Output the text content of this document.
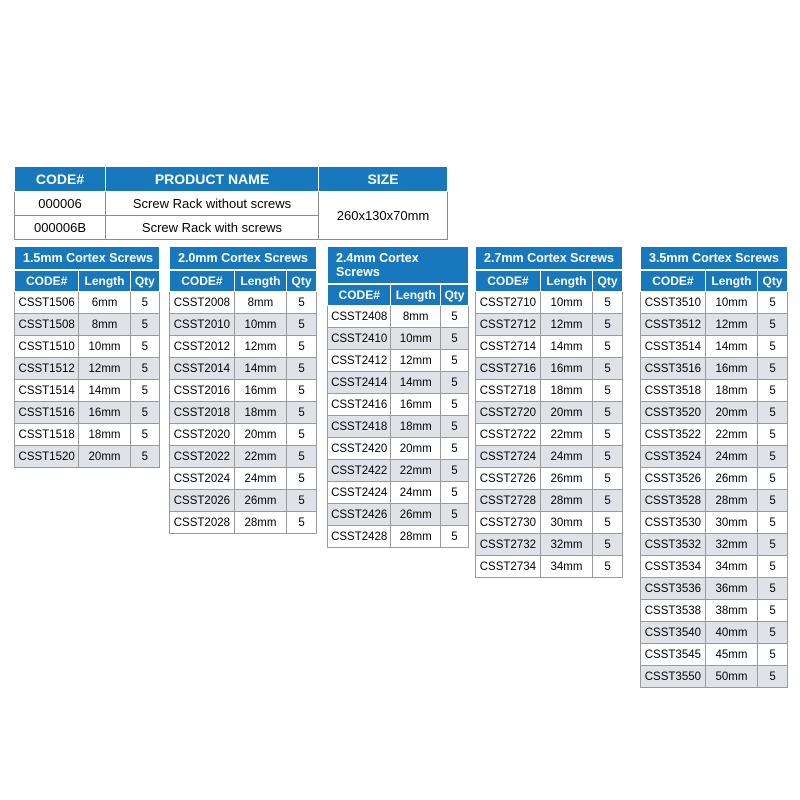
CODE#	PRODUCT NAME	SIZE
000006	Screw Rack without screws	260x130x70mm
000006B	Screw Rack with screws	
1.5mm Cortex Screws
CODE#	Length	Qty
CSST1506	6mm	5
CSST1508	8mm	5
CSST1510	10mm	5
CSST1512	12mm	5
CSST1514	14mm	5
CSST1516	16mm	5
CSST1518	18mm	5
CSST1520	20mm	5
2.0mm Cortex Screws
CODE#	Length	Qty
CSST2008	8mm	5
CSST2010	10mm	5
CSST2012	12mm	5
CSST2014	14mm	5
CSST2016	16mm	5
CSST2018	18mm	5
CSST2020	20mm	5
CSST2022	22mm	5
CSST2024	24mm	5
CSST2026	26mm	5
CSST2028	28mm	5
2.4mm Cortex Screws
CODE#	Length	Qty
CSST2408	8mm	5
CSST2410	10mm	5
CSST2412	12mm	5
CSST2414	14mm	5
CSST2416	16mm	5
CSST2418	18mm	5
CSST2420	20mm	5
CSST2422	22mm	5
CSST2424	24mm	5
CSST2426	26mm	5
CSST2428	28mm	5
2.7mm Cortex Screws
CODE#	Length	Qty
CSST2710	10mm	5
CSST2712	12mm	5
CSST2714	14mm	5
CSST2716	16mm	5
CSST2718	18mm	5
CSST2720	20mm	5
CSST2722	22mm	5
CSST2724	24mm	5
CSST2726	26mm	5
CSST2728	28mm	5
CSST2730	30mm	5
CSST2732	32mm	5
CSST2734	34mm	5
3.5mm Cortex Screws
CODE#	Length	Qty
CSST3510	10mm	5
CSST3512	12mm	5
CSST3514	14mm	5
CSST3516	16mm	5
CSST3518	18mm	5
CSST3520	20mm	5
CSST3522	22mm	5
CSST3524	24mm	5
CSST3526	26mm	5
CSST3528	28mm	5
CSST3530	30mm	5
CSST3532	32mm	5
CSST3534	34mm	5
CSST3536	36mm	5
CSST3538	38mm	5
CSST3540	40mm	5
CSST3545	45mm	5
CSST3550	50mm	5
